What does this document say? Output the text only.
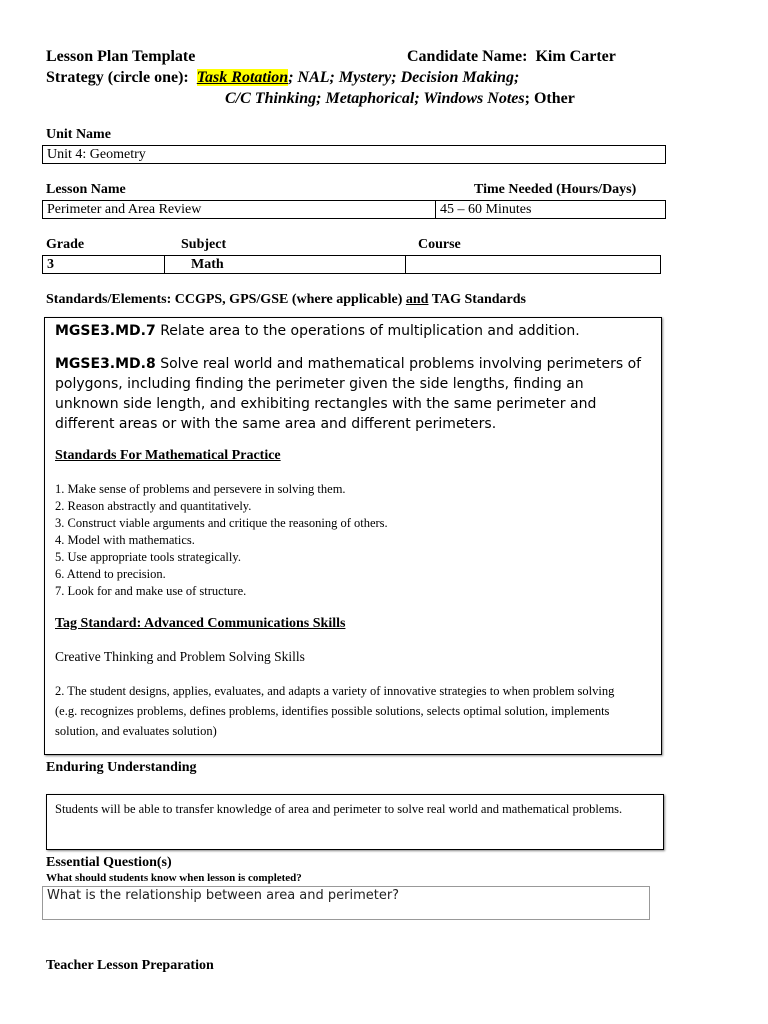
Lesson Plan Template	Candidate Name: Kim Carter
Strategy (circle one): Task Rotation; NAL; Mystery; Decision Making;
C/C Thinking; Metaphorical; Windows Notes; Other
Unit Name
Unit 4: Geometry
Lesson Name	Time Needed (Hours/Days)
Perimeter and Area Review	45 – 60 Minutes
Grade	Subject	Course
3	Math
Standards/Elements: CCGPS, GPS/GSE (where applicable) and TAG Standards

MGSE3.MD.7 Relate area to the operations of multiplication and addition.

MGSE3.MD.8 Solve real world and mathematical problems involving perimeters of polygons, including finding the perimeter given the side lengths, finding an unknown side length, and exhibiting rectangles with the same perimeter and different areas or with the same area and different perimeters.

Standards For Mathematical Practice

1. Make sense of problems and persevere in solving them.

2. Reason abstractly and quantitatively.

3. Construct viable arguments and critique the reasoning of others.

4. Model with mathematics.

5. Use appropriate tools strategically.

6. Attend to precision.

7. Look for and make use of structure.

Tag Standard: Advanced Communications Skills
Creative Thinking and Problem Solving Skills

2. The student designs, applies, evaluates, and adapts a variety of innovative strategies to when problem solving (e.g. recognizes problems, defines problems, identifies possible solutions, selects optimal solution, implements solution, and evaluates solution)

Enduring Understanding

Students will be able to transfer knowledge of area and perimeter to solve real world and mathematical problems.

Essential Question(s)
What should students know when lesson is completed?
What is the relationship between area and perimeter?
Teacher Lesson Preparation
